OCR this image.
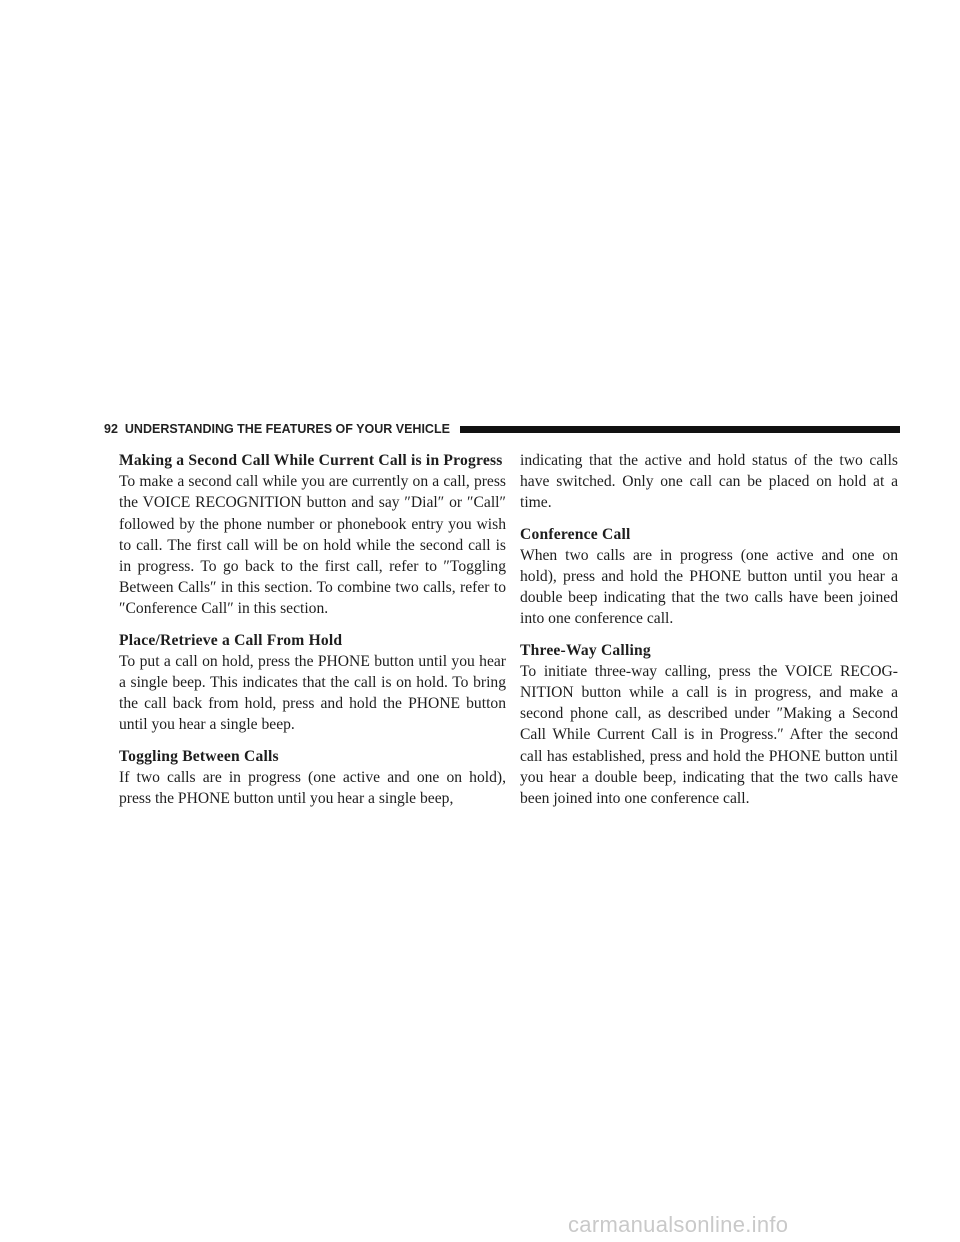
92 UNDERSTANDING THE FEATURES OF YOUR VEHICLE
Making a Second Call While Current Call is in Progress

To make a second call while you are currently on a call, press the VOICE RECOGNITION button and say ″Dial″ or ″Call″ followed by the phone number or phonebook entry you wish to call. The first call will be on hold while the second call is in progress. To go back to the first call, refer to ″Toggling Between Calls″ in this section. To combine two calls, refer to ″Conference Call″ in this section.

Place/Retrieve a Call From Hold

To put a call on hold, press the PHONE button until you hear a single beep. This indicates that the call is on hold. To bring the call back from hold, press and hold the PHONE button until you hear a single beep.

Toggling Between Calls

If two calls are in progress (one active and one on hold), press the PHONE button until you hear a single beep,

indicating that the active and hold status of the two calls have switched. Only one call can be placed on hold at a time.

Conference Call

When two calls are in progress (one active and one on hold), press and hold the PHONE button until you hear a double beep indicating that the two calls have been joined into one conference call.

Three-Way Calling

To initiate three-way calling, press the VOICE RECOG-NITION button while a call is in progress, and make a second phone call, as described under ″Making a Second Call While Current Call is in Progress.″ After the second call has established, press and hold the PHONE button until you hear a double beep, indicating that the two calls have been joined into one conference call.

carmanualsonline.info
